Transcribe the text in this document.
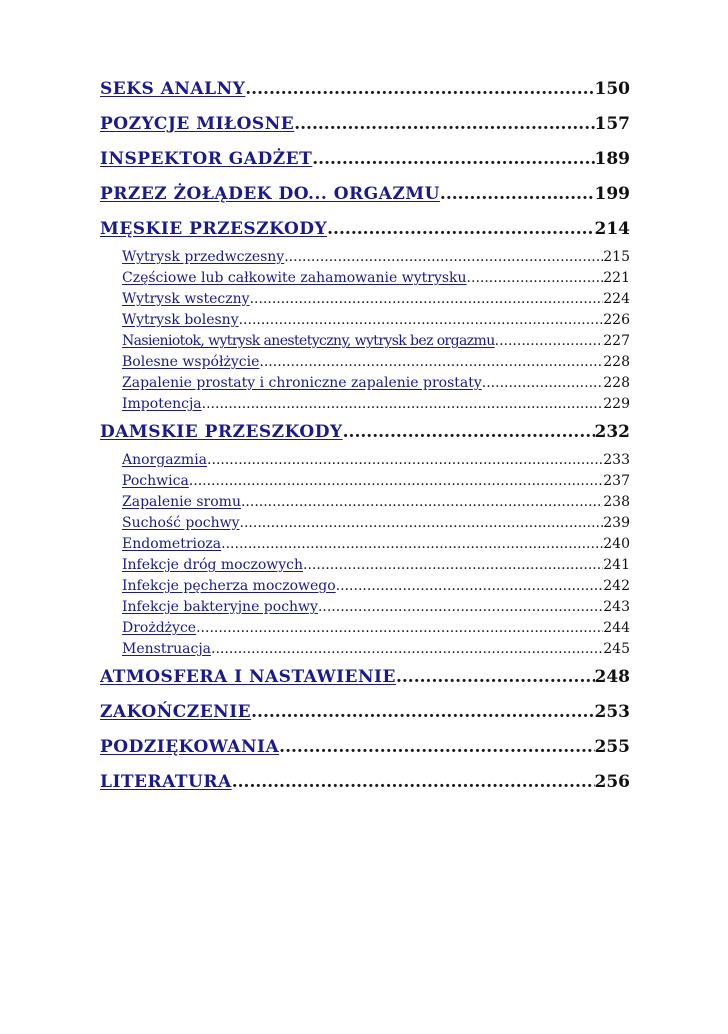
SEKS ANALNY .....	150
POZYCJE MIŁOSNE .....	157
INSPEKTOR GADŻET .....	189
PRZEZ ŻOŁĄDEK DO... ORGAZMU .....	199
MĘSKIE PRZESZKODY .....	214
Wytrysk przedwczesny .....	215
Częściowe lub całkowite zahamowanie wytrysku .....	221
Wytrysk wsteczny .....	224
Wytrysk bolesny .....	226
Nasieniotok, wytrysk anestetyczny, wytrysk bez orgazmu .....	227
Bolesne współżycie .....	228
Zapalenie prostaty i chroniczne zapalenie prostaty .....	228
Impotencja .....	229
DAMSKIE PRZESZKODY .....	232
Anorgazmia .....	233
Pochwica .....	237
Zapalenie sromu .....	238
Suchość pochwy .....	239
Endometrioza .....	240
Infekcje dróg moczowych .....	241
Infekcje pęcherza moczowego .....	242
Infekcje bakteryjne pochwy .....	243
Drożdżyce .....	244
Menstruacja .....	245
ATMOSFERA I NASTAWIENIE .....	248
ZAKOŃCZENIE .....	253
PODZIĘKOWANIA .....	255
LITERATURA .....	256
